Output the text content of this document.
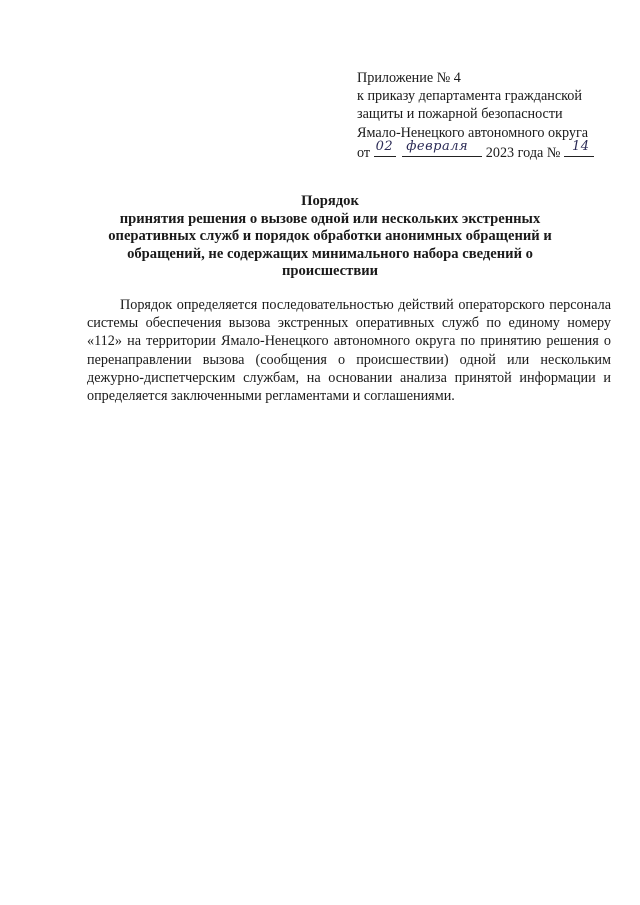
Приложение № 4
к приказу департамента гражданской
защиты и пожарной безопасности
Ямало-Ненецкого автономного округа
от 02
февраля 2023 года № 14
Порядок
принятия решения о вызове одной или нескольких экстренных оперативных служб и порядок обработки анонимных обращений и обращений, не содержащих минимального набора сведений о происшествии
Порядок определяется последовательностью действий операторского персонала системы обеспечения вызова экстренных оперативных служб по единому номеру «112» на территории Ямало-Ненецкого автономного округа по принятию решения о перенаправлении вызова (сообщения о происшествии) одной или нескольким дежурно-диспетчерским службам, на основании анализа принятой информации и определяется заключенными регламентами и соглашениями.
